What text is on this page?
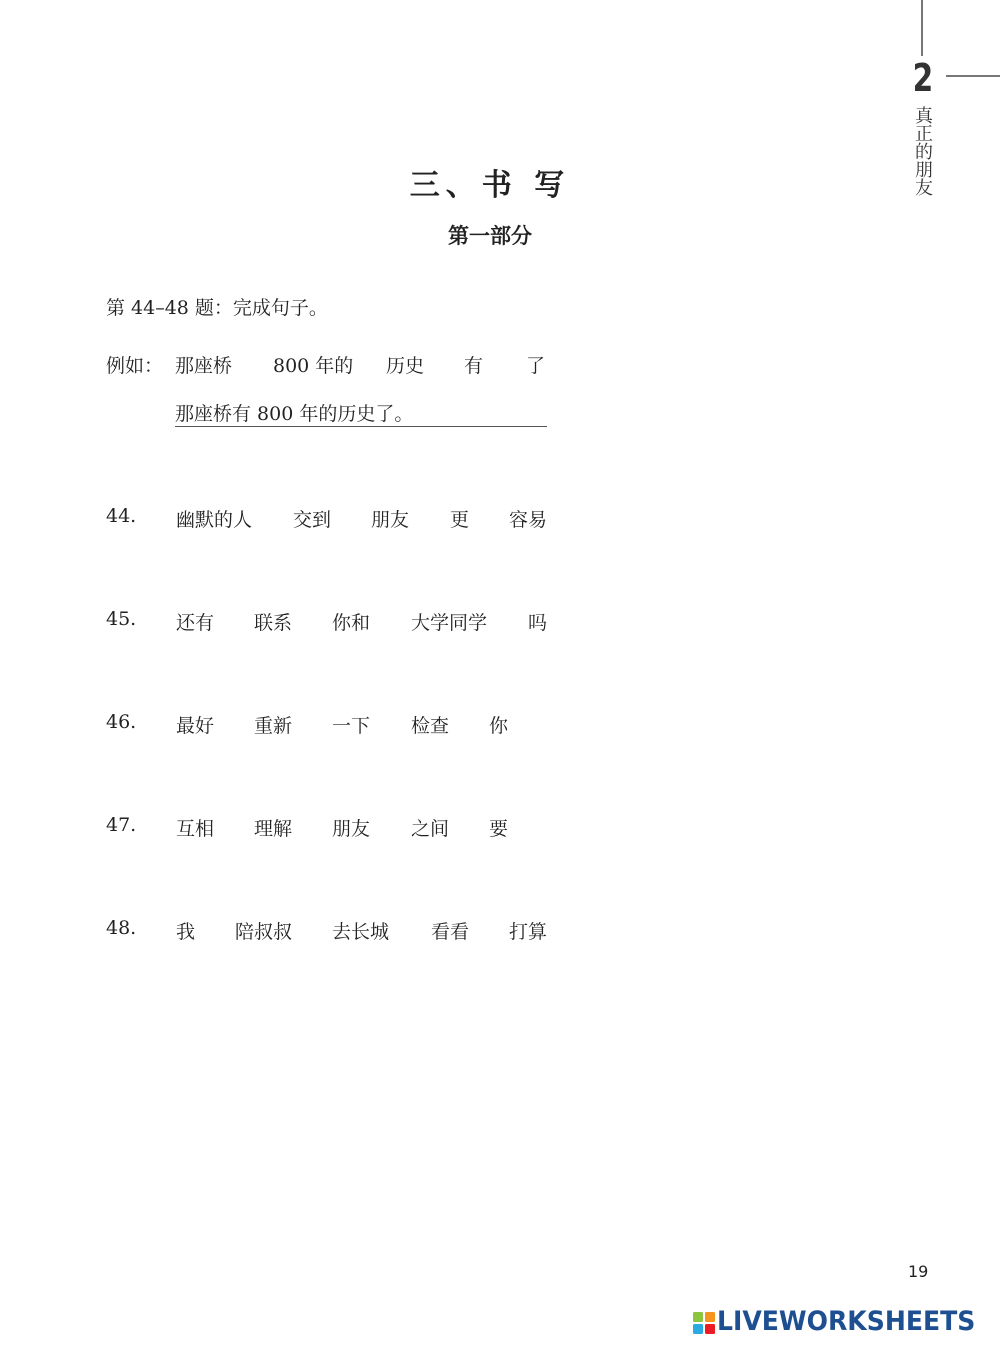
2
真正的朋友
三、书 写
第一部分
第 44–48 题：完成句子。
例如： 那座桥 800 年的 历史 有 了
那座桥有 800 年的历史了。
44. 幽默的人 交到 朋友 更 容易
45. 还有 联系 你和 大学同学 吗
46. 最好 重新 一下 检查 你
47. 互相 理解 朋友 之间 要
48. 我 陪叔叔 去长城 看看 打算
19
LIVEWORKSHEETS
